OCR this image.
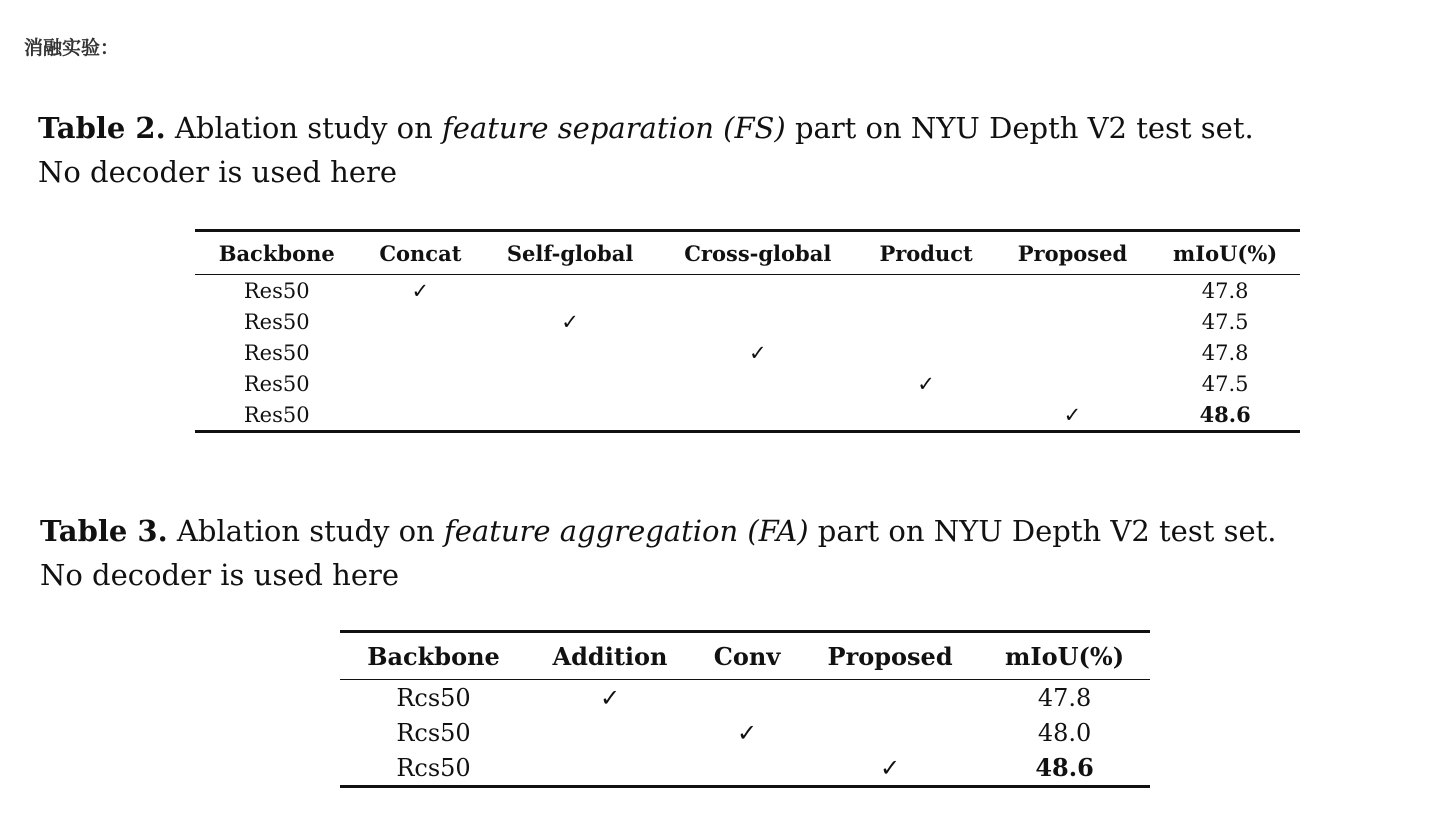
消融实验：
Table 2. Ablation study on feature separation (FS) part on NYU Depth V2 test set.
No decoder is used here
Backbone	Concat	Self-global	Cross-global	Product	Proposed	mIoU(%)
Res50	✓					47.8
Res50		✓				47.5
Res50			✓			47.8
Res50				✓		47.5
Res50					✓	48.6
Table 3. Ablation study on feature aggregation (FA) part on NYU Depth V2 test set.
No decoder is used here
Backbone	Addition	Conv	Proposed	mIoU(%)
Rcs50	✓			47.8
Rcs50		✓		48.0
Rcs50			✓	48.6
